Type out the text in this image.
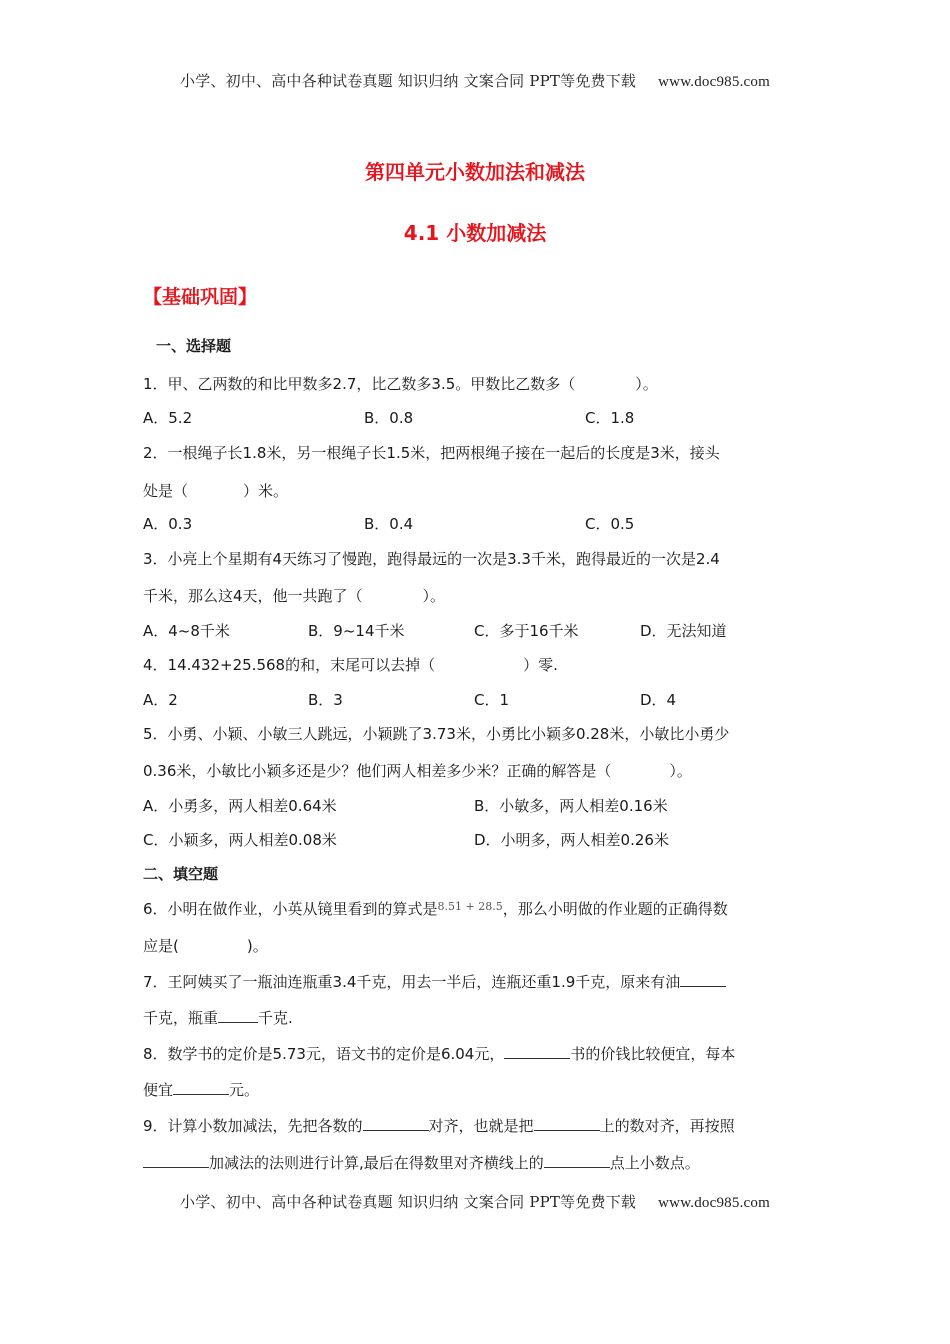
小学、初中、高中各种试卷真题 知识归纳 文案合同 PPT等免费下载 www.doc985.com
第四单元小数加法和减法
4.1 小数加减法
【基础巩固】
一、选择题
1．甲、乙两数的和比甲数多2.7，比乙数多3.5。甲数比乙数多（	）。
A．5.2	B．0.8	C．1.8
2．一根绳子长1.8米，另一根绳子长1.5米，把两根绳子接在一起后的长度是3米，接头
处是（	）米。
A．0.3	B．0.4	C．0.5
3．小亮上个星期有4天练习了慢跑，跑得最远的一次是3.3千米，跑得最近的一次是2.4
千米，那么这4天，他一共跑了（	）。
A．4~8千米	B．9~14千米	C．多于16千米	D．无法知道
4．14.432+25.568的和，末尾可以去掉（	）零.
A．2	B．3	C．1	D．4
5．小勇、小颖、小敏三人跳远，小颖跳了3.73米，小勇比小颖多0.28米，小敏比小勇少
0.36米，小敏比小颖多还是少？他们两人相差多少米？正确的解答是（	）。
A．小勇多，两人相差0.64米	B．小敏多，两人相差0.16米
C．小颖多，两人相差0.08米	D．小明多，两人相差0.26米
二、填空题
6．小明在做作业，小英从镜里看到的算式是$^{8.51 + 28.5}$，那么小明做的作业题的正确得数
应是(	)。
7．王阿姨买了一瓶油连瓶重3.4千克，用去一半后，连瓶还重1.9千克，原来有油
千克，瓶重	千克.
8．数学书的定价是5.73元，语文书的定价是6.04元，	书的价钱比较便宜，每本
便宜	元。
9．计算小数加减法，先把各数的	对齐，也就是把	上的数对齐，再按照
加减法的法则进行计算,最后在得数里对齐横线上的	点上小数点。
小学、初中、高中各种试卷真题 知识归纳 文案合同 PPT等免费下载 www.doc985.com
